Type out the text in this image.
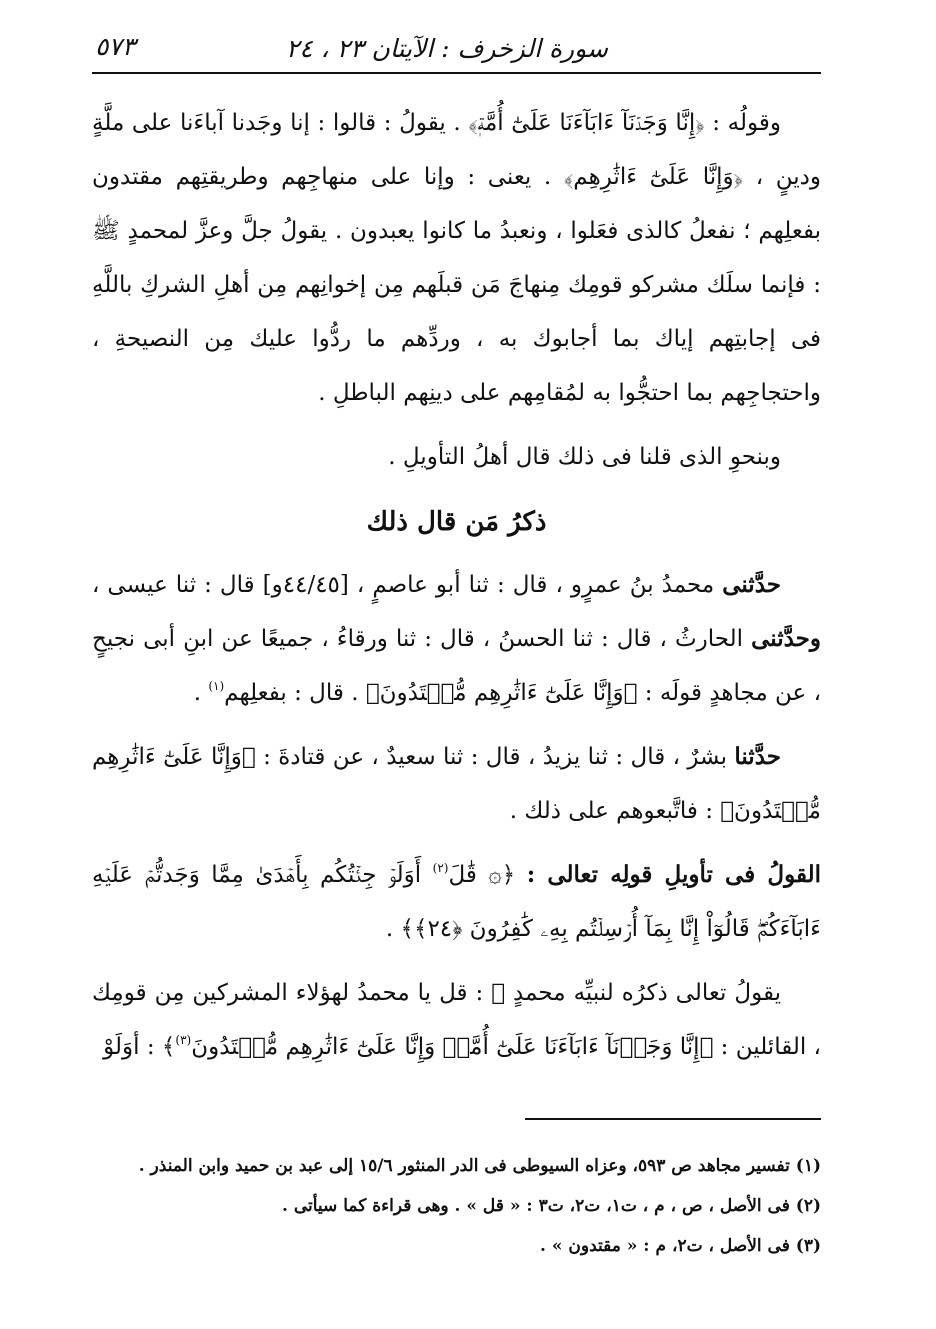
سورة الزخرف : الآيتان ٢٣ ، ٢٤
٥٧٣

وقولُه : ﴿إِنَّا وَجَدۡنَآ ءَابَآءَنَا عَلَىٰٓ أُمَّةٖ﴾ . يقولُ : قالوا : إنا وجَدنا آباءَنا على ملَّةٍ ودينٍ ، ﴿وَإِنَّا عَلَىٰٓ ءَاثَٰرِهِم﴾ . يعنى : وإنا على منهاجِهم وطريقتِهم مقتدون بفعلِهم ؛ نفعلُ كالذى فعَلوا ، ونعبدُ ما كانوا يعبدون . يقولُ جلَّ وعزَّ لمحمدٍ ﷺ : فإنما سلَك مشركو قومِك مِنهاجَ مَن قبلَهم مِن إخوانِهم مِن أهلِ الشركِ باللَّهِ فى إجابتِهم إياك بما أجابوك به ، وردِّهم ما ردُّوا عليك مِن النصيحةِ ، واحتجاجِهم بما احتجُّوا به لمُقامِهم على دينِهم الباطلِ .

وبنحوِ الذى قلنا فى ذلك قال أهلُ التأويلِ .

ذكرُ مَن قال ذلك

حدَّثنى محمدُ بنُ عمرٍو ، قال : ثنا أبو عاصمٍ ، [٤٤/٤٥و] قال : ثنا عيسى ، وحدَّثنى الحارثُ ، قال : ثنا الحسنُ ، قال : ثنا ورقاءُ ، جميعًا عن ابنِ أبى نجيحٍ ، عن مجاهدٍ قولَه : ﴿وَإِنَّا عَلَىٰٓ ءَاثَٰرِهِم مُّقۡتَدُونَ﴾ . قال : بفعلِهم$^{(١)}$ .

حدَّثنا بشرٌ ، قال : ثنا يزيدُ ، قال : ثنا سعيدٌ ، عن قتادةَ : ﴿وَإِنَّا عَلَىٰٓ ءَاثَٰرِهِم مُّقۡتَدُونَ﴾ : فاتَّبعوهم على ذلك .

القولُ فى تأويلِ قولِه تعالى : ﴿۞ قَٰلَ$^{(٢)}$ أَوَلَوۡ جِئۡتُكُم بِأَهۡدَىٰ مِمَّا وَجَدتُّمۡ عَلَيۡهِ ءَابَآءَكُمۡۖ قَالُوٓاْ إِنَّا بِمَآ أُرۡسِلۡتُم بِهِۦ كَٰفِرُونَ ﴿٢٤﴾﴾ .

يقولُ تعالى ذكرُه لنبيِّه محمدٍ ﷺ : قل يا محمدُ لهؤلاء المشركين مِن قومِك ، القائلين : ﴿إِنَّا وَجَدۡنَآ ءَابَآءَنَا عَلَىٰٓ أُمَّةٖ وَإِنَّا عَلَىٰٓ ءَاثَٰرِهِم مُّهۡتَدُونَ$^{(٣)}$﴾ : أوَلَوْ

(١) تفسير مجاهد ص ٥٩٣، وعزاه السيوطى فى الدر المنثور ١٥/٦ إلى عبد بن حميد وابن المنذر .

(٢) فى الأصل ، ص ، م ، ت١، ت٢، ت٣ : « قل » . وهى قراءة كما سيأتى .

(٣) فى الأصل ، ت٢، م : « مقتدون » .
